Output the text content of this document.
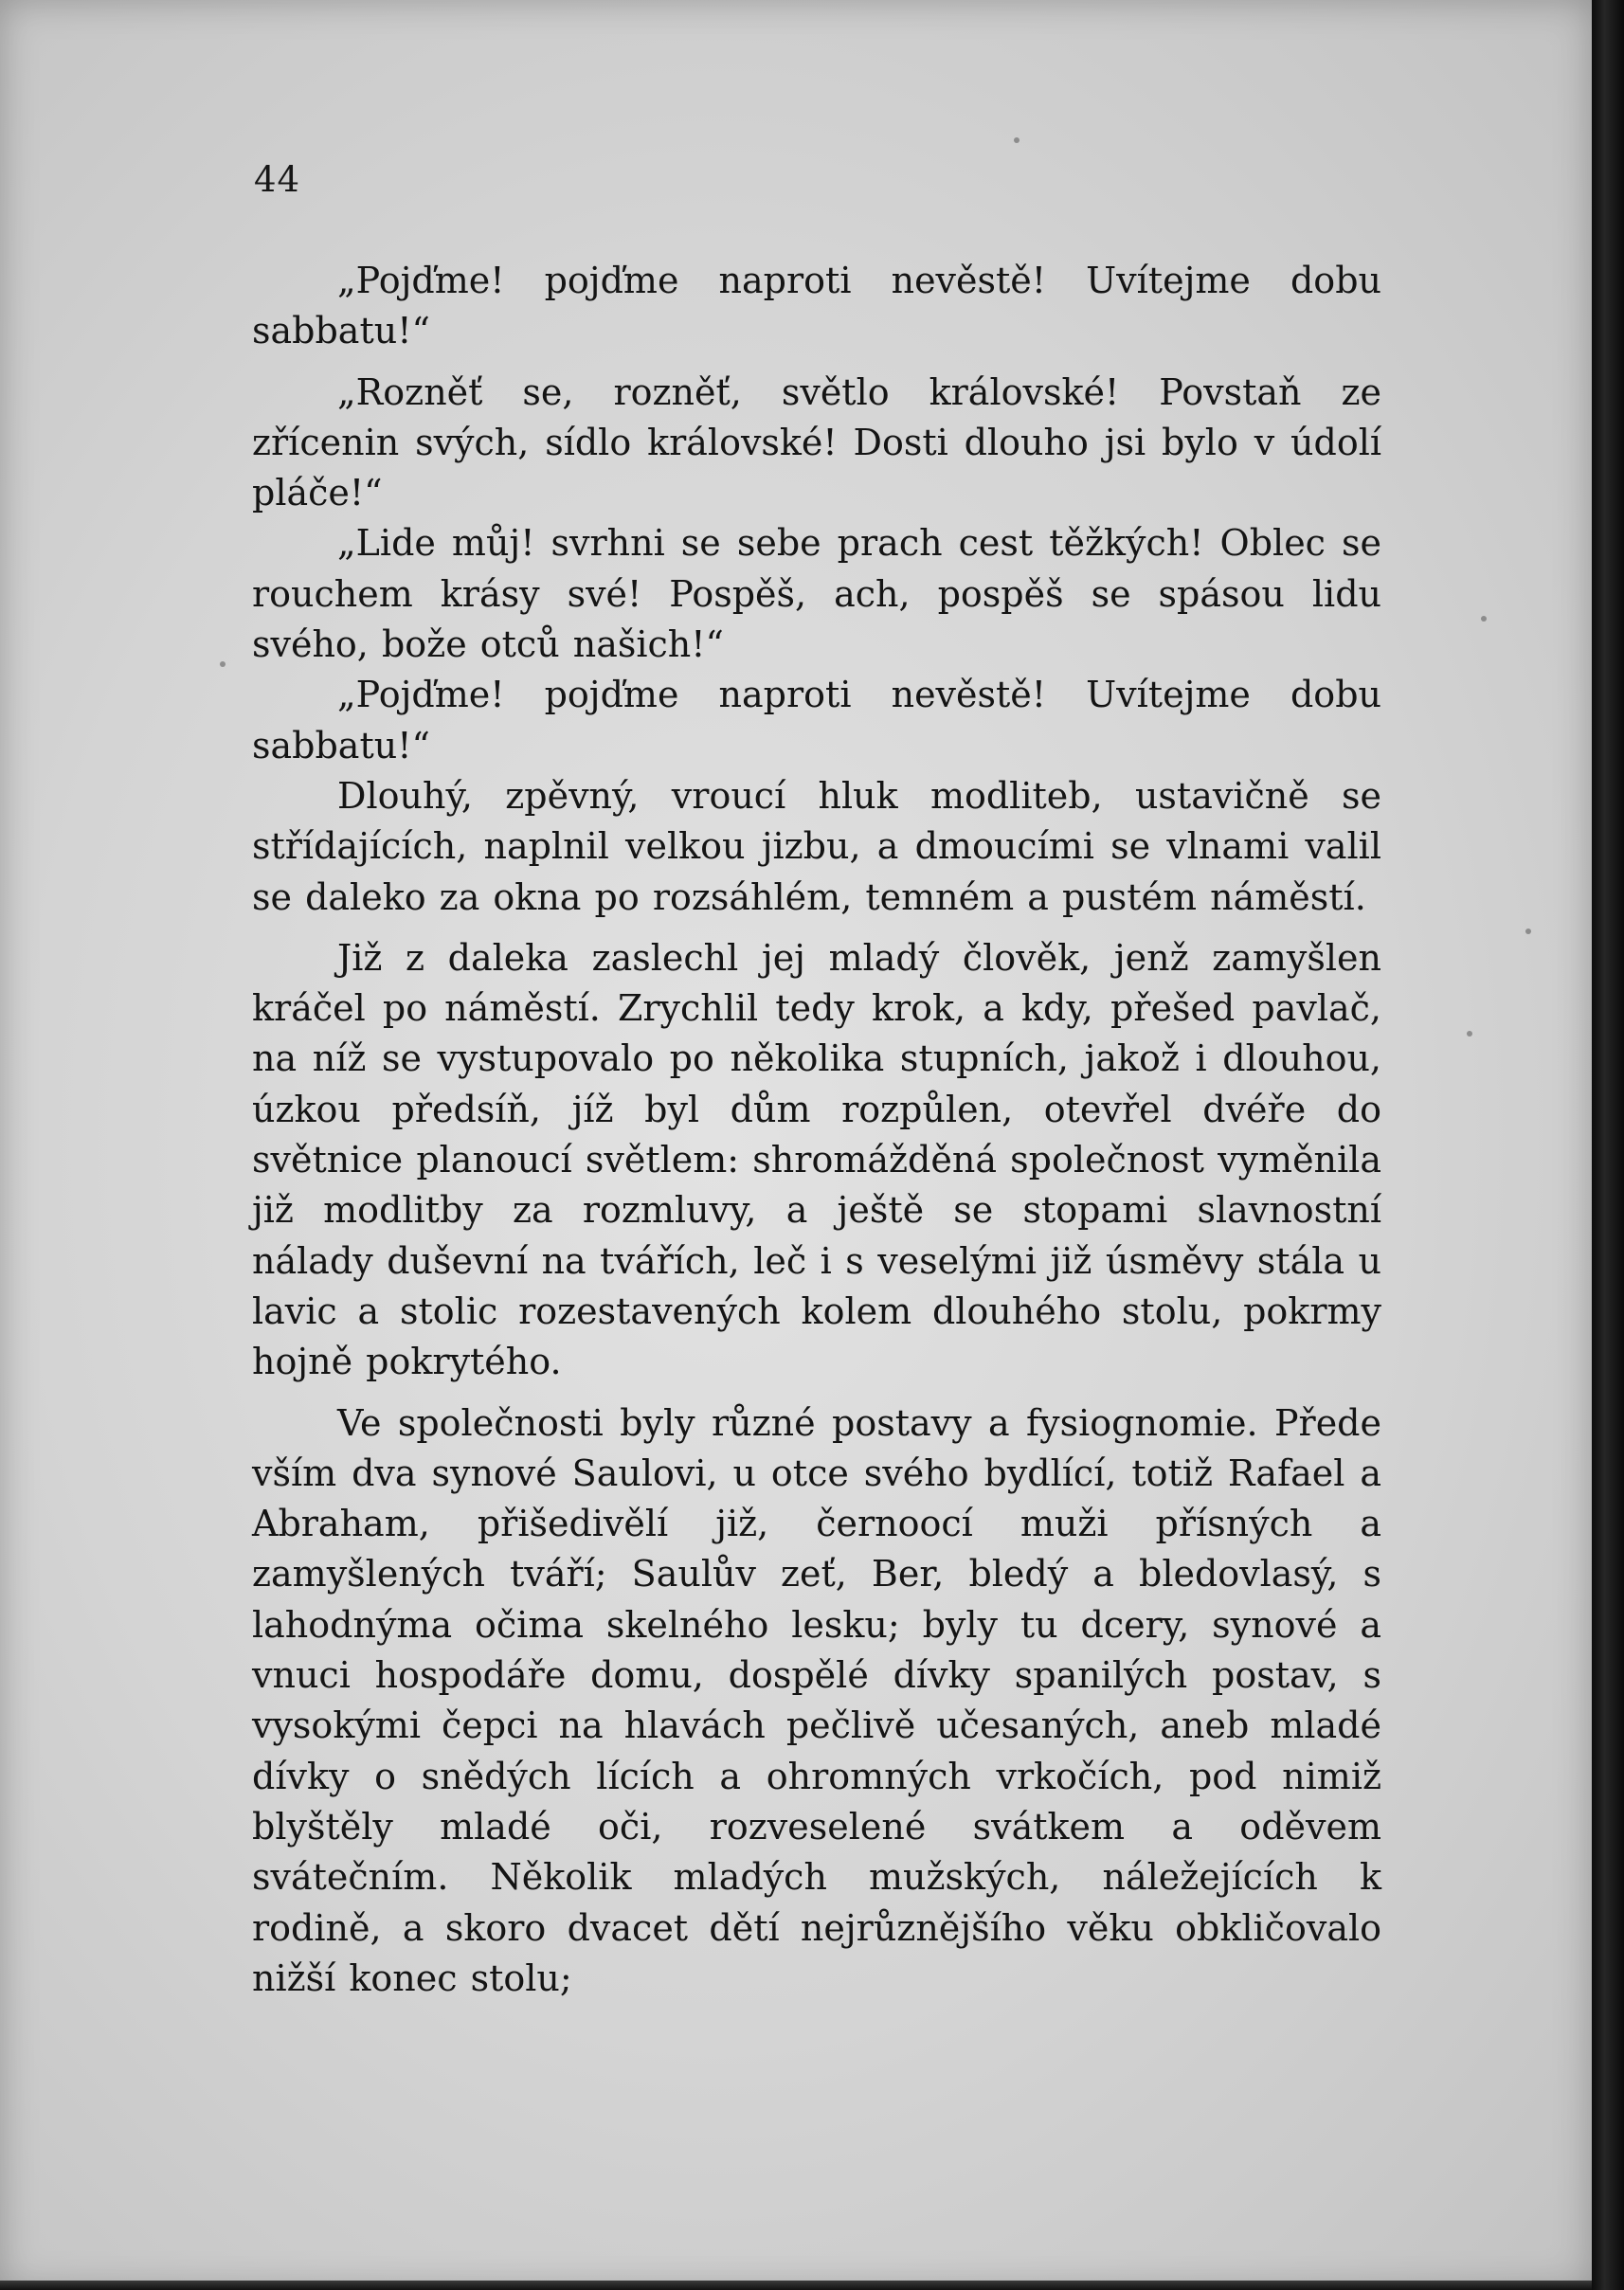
44

„Pojďme! pojďme naproti nevěstě! Uvítejme dobu sabbatu!“

„Rozněť se, rozněť, světlo královské! Povstaň ze zřícenin svých, sídlo královské! Dosti dlouho jsi bylo v údolí pláče!“

„Lide můj! svrhni se sebe prach cest těžkých! Oblec se rouchem krásy své! Pospěš, ach, pospěš se spásou lidu svého, bože otců našich!“

„Pojďme! pojďme naproti nevěstě! Uvítejme dobu sabbatu!“

Dlouhý, zpěvný, vroucí hluk modliteb, ustavičně se střídajících, naplnil velkou jizbu, a dmoucími se vlnami valil se daleko za okna po rozsáhlém, temném a pustém náměstí.

Již z daleka zaslechl jej mladý člověk, jenž zamyšlen kráčel po náměstí. Zrychlil tedy krok, a kdy, přešed pavlač, na níž se vystupovalo po několika stupních, jakož i dlouhou, úzkou předsíň, jíž byl dům rozpůlen, otevřel dvéře do světnice planoucí světlem: shromážděná společnost vyměnila již modlitby za rozmluvy, a ještě se stopami slavnostní nálady duševní na tvářích, leč i s veselými již úsměvy stála u lavic a stolic rozestavených kolem dlouhého stolu, pokrmy hojně pokrytého.

Ve společnosti byly různé postavy a fysiognomie. Přede vším dva synové Saulovi, u otce svého bydlící, totiž Rafael a Abraham, přišedivělí již, černoocí muži přísných a zamyšlených tváří; Saulův zeť, Ber, bledý a bledovlasý, s lahodnýma očima skelného lesku; byly tu dcery, synové a vnuci hospodáře domu, dospělé dívky spanilých postav, s vysokými čepci na hlavách pečlivě učesaných, aneb mladé dívky o snědých lících a ohromných vrkočích, pod nimiž blyštěly mladé oči, rozveselené svátkem a oděvem svátečním. Několik mladých mužských, náležejících k rodině, a skoro dvacet dětí nejrůznějšího věku obkličovalo nižší konec stolu;
